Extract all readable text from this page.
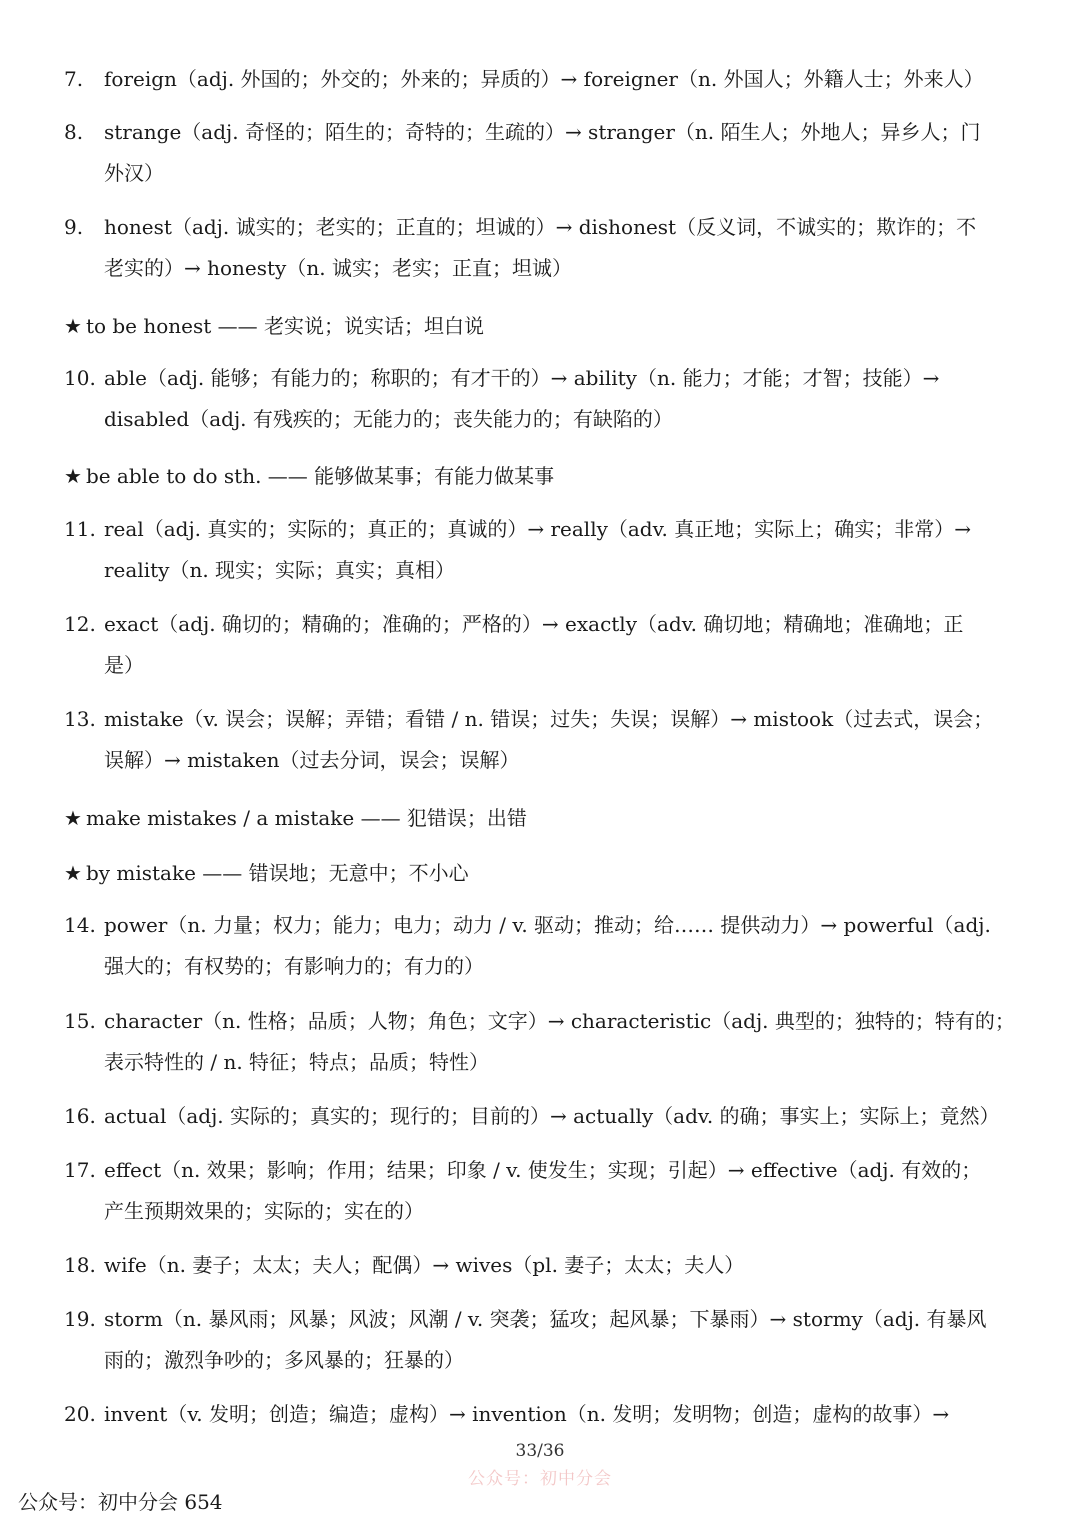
7.	foreign（adj. 外国的；外交的；外来的；异质的）→ foreigner（n. 外国人；外籍人士；外来人）
8.	strange（adj. 奇怪的；陌生的；奇特的；生疏的）→ stranger（n. 陌生人；外地人；异乡人；门
外汉）
9.	honest（adj. 诚实的；老实的；正直的；坦诚的）→ dishonest（反义词，不诚实的；欺诈的；不
老实的）→ honesty（n. 诚实；老实；正直；坦诚）
★ to be honest —— 老实说；说实话；坦白说
10. able（adj. 能够；有能力的；称职的；有才干的）→ ability（n. 能力；才能；才智；技能）→
disabled（adj. 有残疾的；无能力的；丧失能力的；有缺陷的）
★ be able to do sth. —— 能够做某事；有能力做某事
11. real（adj. 真实的；实际的；真正的；真诚的）→ really（adv. 真正地；实际上；确实；非常）→
reality（n. 现实；实际；真实；真相）
12. exact（adj. 确切的；精确的；准确的；严格的）→ exactly（adv. 确切地；精确地；准确地；正
是）
13. mistake（v. 误会；误解；弄错；看错 / n. 错误；过失；失误；误解）→ mistook（过去式，误会；
误解）→ mistaken（过去分词，误会；误解）
★ make mistakes / a mistake —— 犯错误；出错
★ by mistake —— 错误地；无意中；不小心
14. power（n. 力量；权力；能力；电力；动力 / v. 驱动；推动；给…… 提供动力）→ powerful（adj.
强大的；有权势的；有影响力的；有力的）
15. character（n. 性格；品质；人物；角色；文字）→ characteristic（adj. 典型的；独特的；特有的；
表示特性的 / n. 特征；特点；品质；特性）
16. actual（adj. 实际的；真实的；现行的；目前的）→ actually（adv. 的确；事实上；实际上；竟然）
17. effect（n. 效果；影响；作用；结果；印象 / v. 使发生；实现；引起）→ effective（adj. 有效的；
产生预期效果的；实际的；实在的）
18. wife（n. 妻子；太太；夫人；配偶）→ wives（pl. 妻子；太太；夫人）
19. storm（n. 暴风雨；风暴；风波；风潮 / v. 突袭；猛攻；起风暴；下暴雨）→ stormy（adj. 有暴风
雨的；激烈争吵的；多风暴的；狂暴的）
20. invent（v. 发明；创造；编造；虚构）→ invention（n. 发明；发明物；创造；虚构的故事）→
33/36
公众号：初中分会
公众号：初中分会 654
